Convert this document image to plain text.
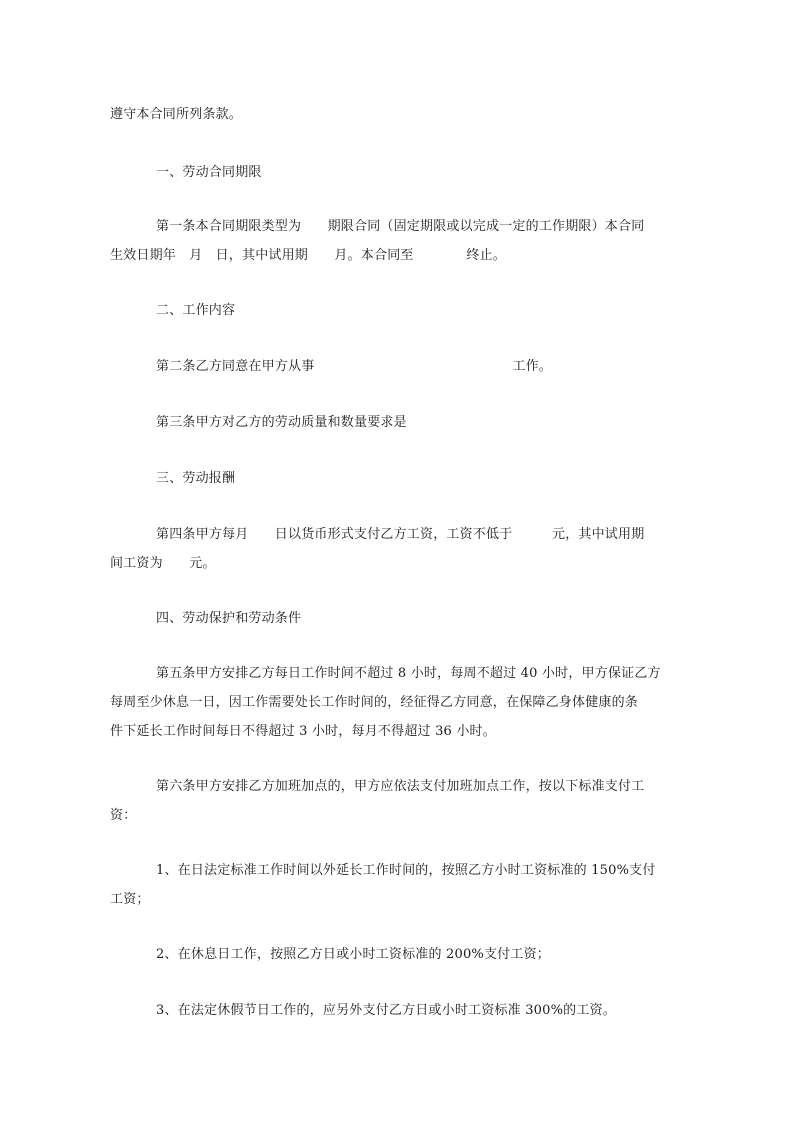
遵守本合同所列条款。
一、劳动合同期限
第一条本合同期限类型为　　期限合同（固定期限或以完成一定的工作期限）本合同
生效日期年　月　日，其中试用期　　月。本合同至　　　　终止。
二、工作内容
第二条乙方同意在甲方从事　　　　　　　　　　　　　　　工作。
第三条甲方对乙方的劳动质量和数量要求是
三、劳动报酬
第四条甲方每月　　日以货币形式支付乙方工资，工资不低于　　　元，其中试用期
间工资为　　元。
四、劳动保护和劳动条件
第五条甲方安排乙方每日工作时间不超过 8 小时，每周不超过 40 小时，甲方保证乙方
每周至少休息一日，因工作需要处长工作时间的，经征得乙方同意，在保障乙身体健康的条
件下延长工作时间每日不得超过 3 小时，每月不得超过 36 小时。
第六条甲方安排乙方加班加点的，甲方应依法支付加班加点工作，按以下标准支付工
资：
1、在日法定标准工作时间以外延长工作时间的，按照乙方小时工资标准的 150%支付
工资；
2、在休息日工作，按照乙方日或小时工资标准的 200%支付工资；
3、在法定休假节日工作的，应另外支付乙方日或小时工资标准 300%的工资。
